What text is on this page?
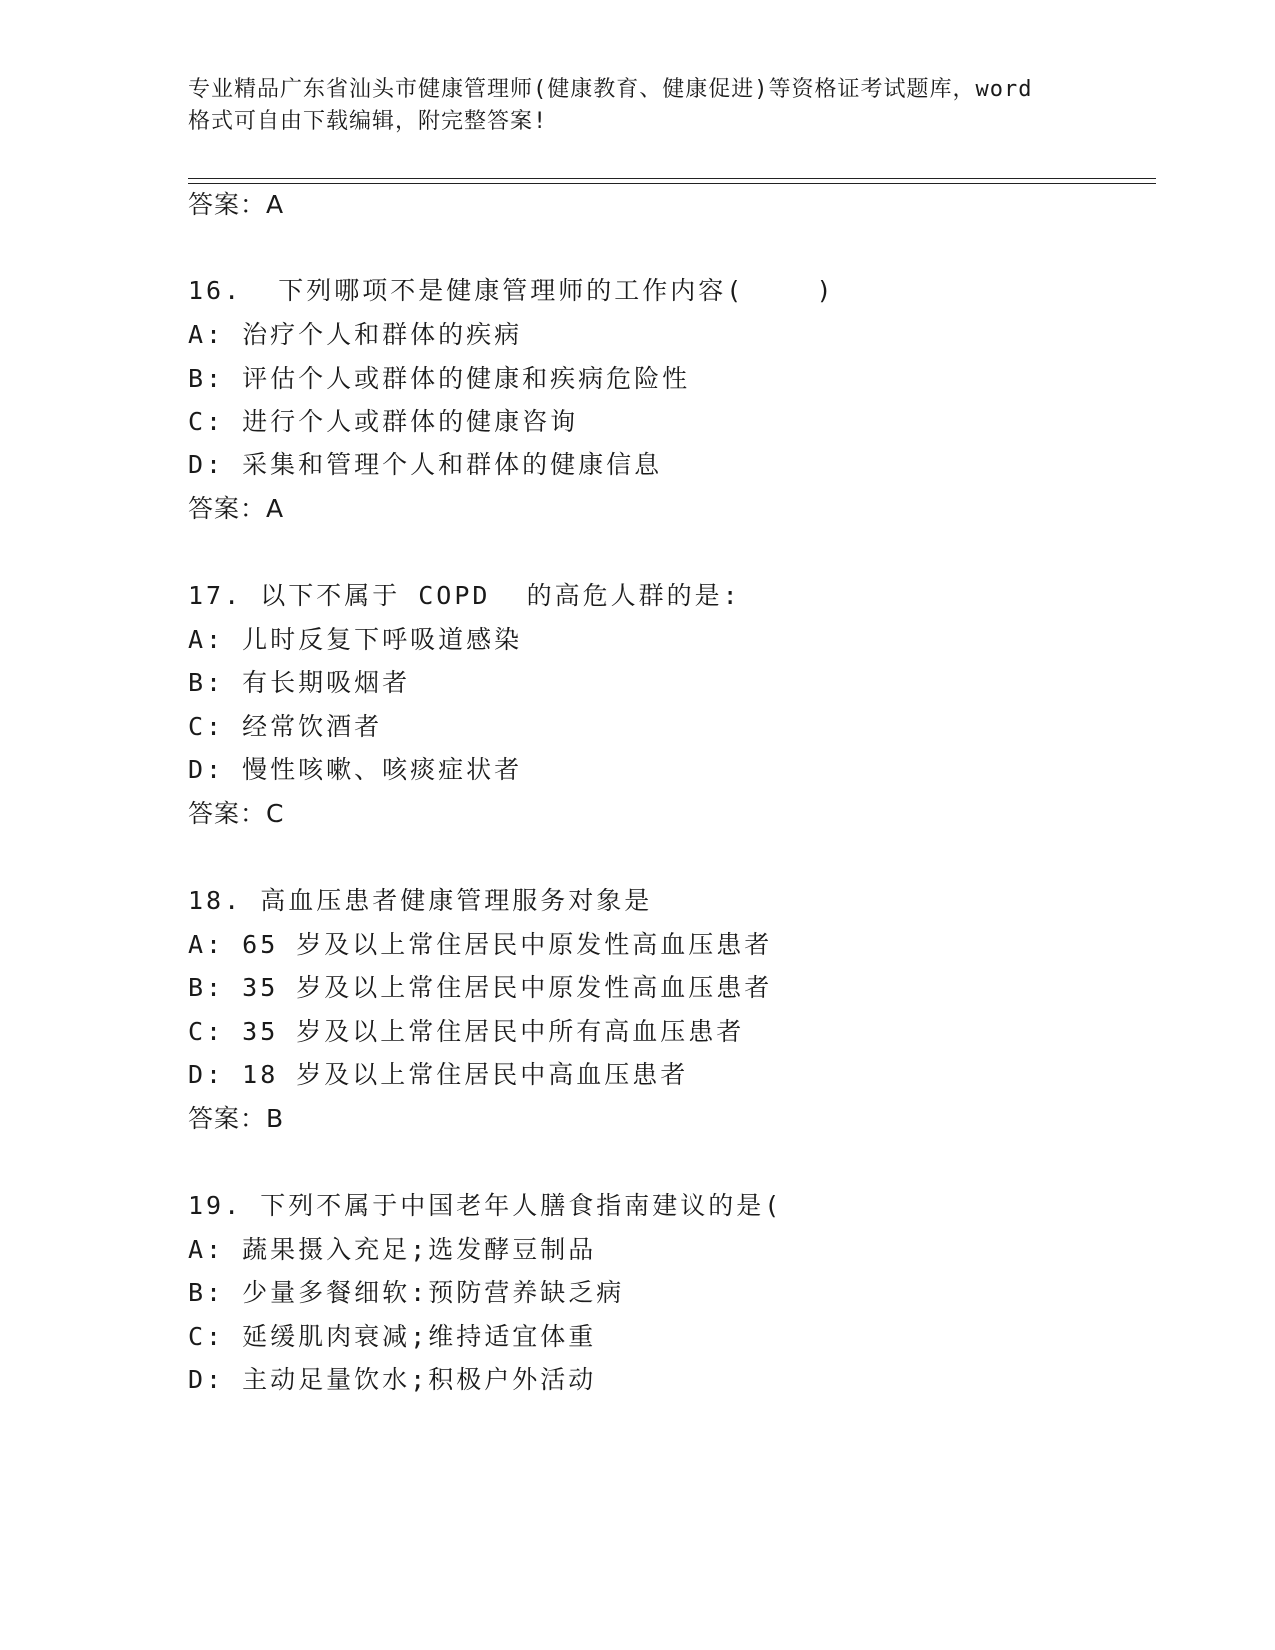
专业精品广东省汕头市健康管理师(健康教育、健康促进)等资格证考试题库，word
格式可自由下载编辑，附完整答案!
答案：A
16.  下列哪项不是健康管理师的工作内容(    )
A: 治疗个人和群体的疾病
B: 评估个人或群体的健康和疾病危险性
C: 进行个人或群体的健康咨询
D: 采集和管理个人和群体的健康信息
答案：A
17. 以下不属于 COPD  的高危人群的是:
A: 儿时反复下呼吸道感染
B: 有长期吸烟者
C: 经常饮酒者
D: 慢性咳嗽、咳痰症状者
答案：C
18. 高血压患者健康管理服务对象是
A: 65 岁及以上常住居民中原发性高血压患者
B: 35 岁及以上常住居民中原发性高血压患者
C: 35 岁及以上常住居民中所有高血压患者
D: 18 岁及以上常住居民中高血压患者
答案：B
19. 下列不属于中国老年人膳食指南建议的是(
A: 蔬果摄入充足;选发酵豆制品
B: 少量多餐细软:预防营养缺乏病
C: 延缓肌肉衰减;维持适宜体重
D: 主动足量饮水;积极户外活动
